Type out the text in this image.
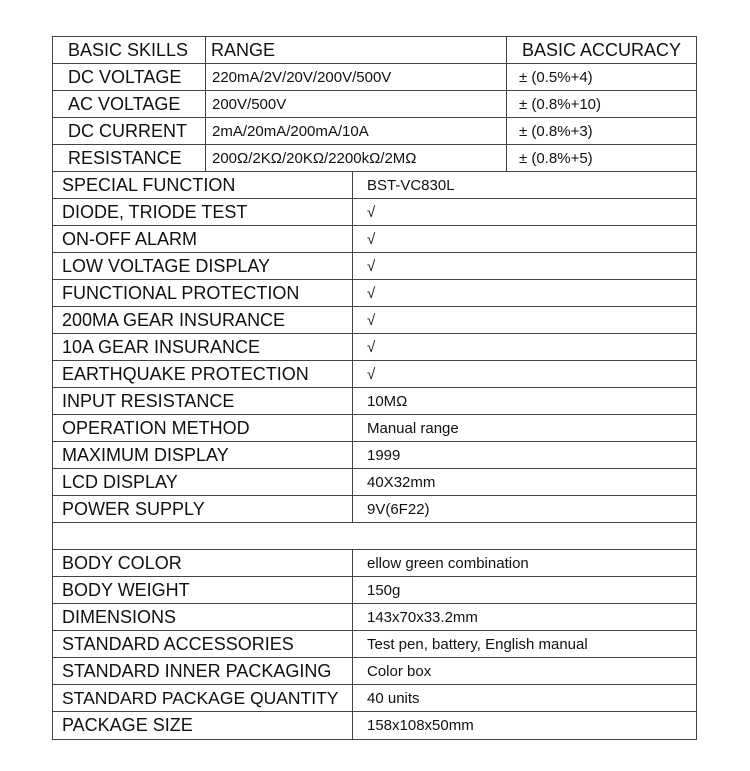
BASIC SKILLS	RANGE	BASIC ACCURACY
DC VOLTAGE	220mA/2V/20V/200V/500V	± (0.5%+4)
AC VOLTAGE	200V/500V	± (0.8%+10)
DC CURRENT	2mA/20mA/200mA/10A	± (0.8%+3)
RESISTANCE	200Ω/2KΩ/20KΩ/2200kΩ/2MΩ	± (0.8%+5)
SPECIAL FUNCTION	BST-VC830L
DIODE, TRIODE TEST	√
ON-OFF ALARM	√
LOW VOLTAGE DISPLAY	√
FUNCTIONAL PROTECTION	√
200MA GEAR INSURANCE	√
10A GEAR INSURANCE	√
EARTHQUAKE PROTECTION	√
INPUT RESISTANCE	10MΩ
OPERATION METHOD	Manual range
MAXIMUM DISPLAY	1999
LCD DISPLAY	40X32mm
POWER SUPPLY	9V(6F22)
BODY COLOR	ellow green combination
BODY WEIGHT	150g
DIMENSIONS	143x70x33.2mm
STANDARD ACCESSORIES	Test pen, battery, English manual
STANDARD INNER PACKAGING	Color box
STANDARD PACKAGE QUANTITY	40 units
PACKAGE SIZE	158x108x50mm
